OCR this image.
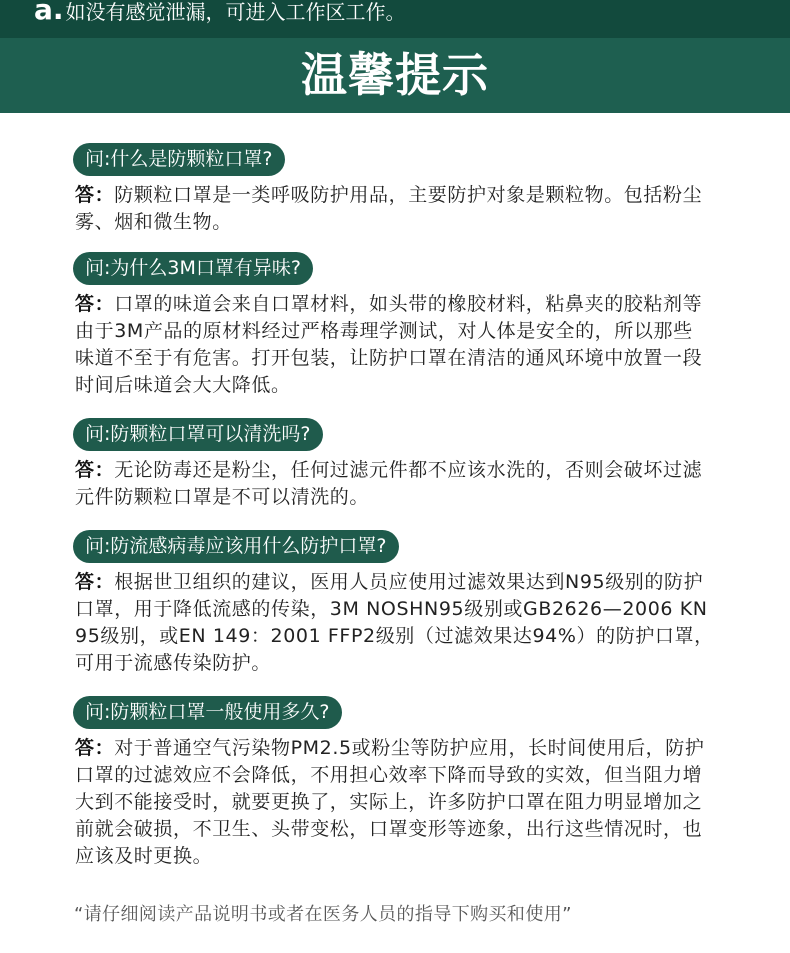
a. 如没有感觉泄漏，可进入工作区工作。
温馨提示
问:什么是防颗粒口罩?
答：防颗粒口罩是一类呼吸防护用品，主要防护对象是颗粒物。包括粉尘
雾、烟和微生物。
问:为什么3M口罩有异味?
答：口罩的味道会来自口罩材料，如头带的橡胶材料，粘鼻夹的胶粘剂等
由于3M产品的原材料经过严格毒理学测试，对人体是安全的，所以那些
味道不至于有危害。打开包装，让防护口罩在清洁的通风环境中放置一段
时间后味道会大大降低。
问:防颗粒口罩可以清洗吗?
答：无论防毒还是粉尘，任何过滤元件都不应该水洗的，否则会破坏过滤
元件防颗粒口罩是不可以清洗的。
问:防流感病毒应该用什么防护口罩?
答：根据世卫组织的建议，医用人员应使用过滤效果达到N95级别的防护
口罩，用于降低流感的传染，3M NOSHN95级别或GB2626—2006 KN
95级别，或EN 149：2001 FFP2级别（过滤效果达94%）的防护口罩，
可用于流感传染防护。
问:防颗粒口罩一般使用多久?
答：对于普通空气污染物PM2.5或粉尘等防护应用，长时间使用后，防护
口罩的过滤效应不会降低，不用担心效率下降而导致的实效，但当阻力增
大到不能接受时，就要更换了，实际上，许多防护口罩在阻力明显增加之
前就会破损，不卫生、头带变松，口罩变形等迹象，出行这些情况时，也
应该及时更换。
“请仔细阅读产品说明书或者在医务人员的指导下购买和使用”
